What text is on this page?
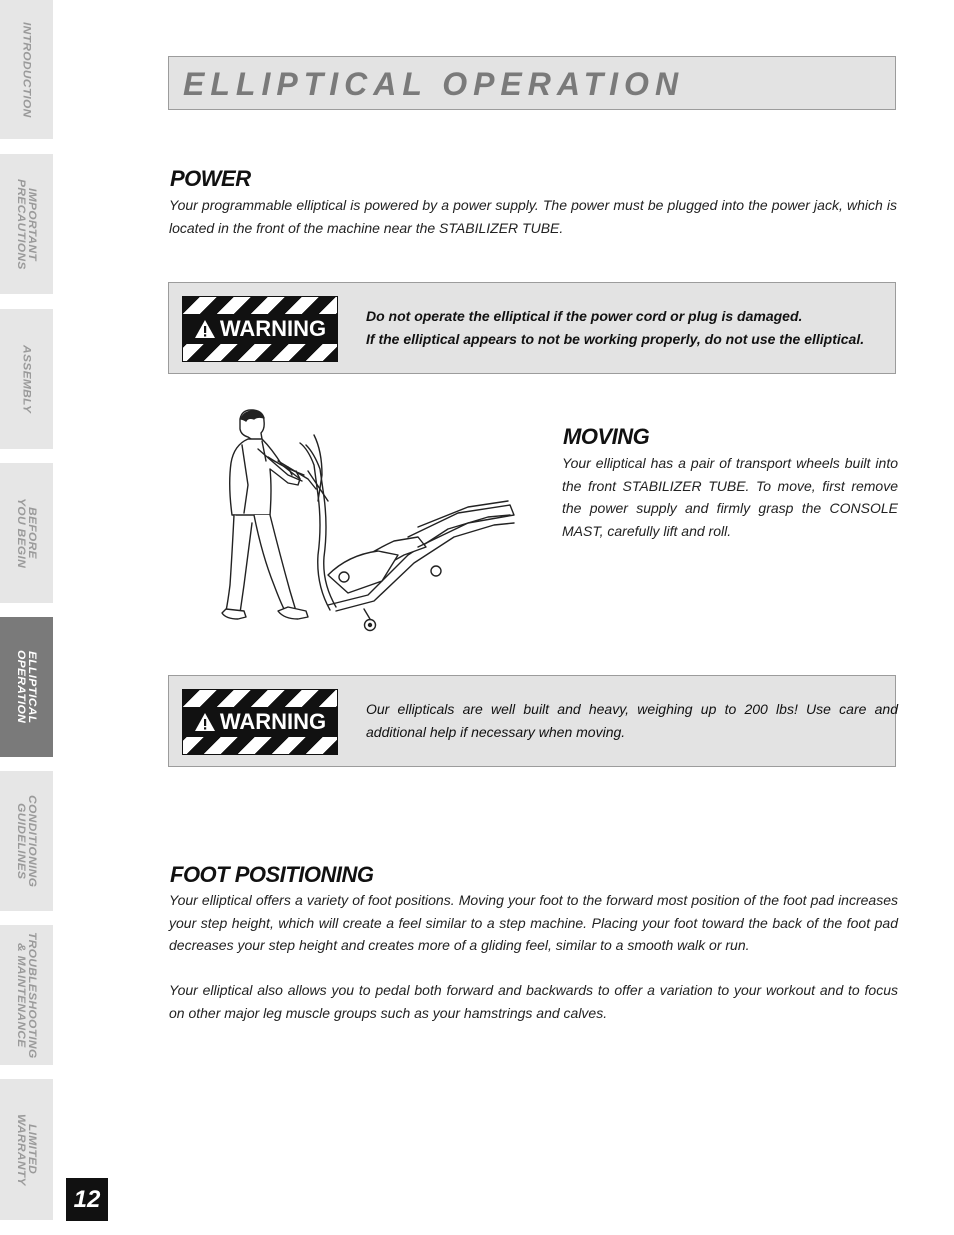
INTRODUCTION
IMPORTANT
PRECAUTIONS
ASSEMBLY
BEFORE
YOU BEGIN
ELLIPTICAL
OPERATION
CONDITIONING
GUIDELINES
TROUBLESHOOTING
& MAINTENANCE
LIMITED
WARRANTY
ELLIPTICAL OPERATION
POWER

Your programmable elliptical is powered by a power supply. The power must be plugged into the power jack, which is located in the front of the machine near the STABILIZER TUBE.

WARNING	Do not operate the elliptical if the power cord or plug is damaged.
If the elliptical appears to not be working properly, do not use the elliptical.

MOVING

Your elliptical has a pair of transport wheels built into the front STABILIZER TUBE. To move, first remove the power supply and firmly grasp the CONSOLE MAST, carefully lift and roll.

WARNING	Our ellipticals are well built and heavy, weighing up to 200 lbs! Use care and additional help if necessary when moving.

FOOT POSITIONING

Your elliptical offers a variety of foot positions. Moving your foot to the forward most position of the foot pad increases your step height, which will create a feel similar to a step machine. Placing your foot toward the back of the foot pad decreases your step height and creates more of a gliding feel, similar to a smooth walk or run.

Your elliptical also allows you to pedal both forward and backwards to offer a variation to your workout and to focus on other major leg muscle groups such as your hamstrings and calves.

12
